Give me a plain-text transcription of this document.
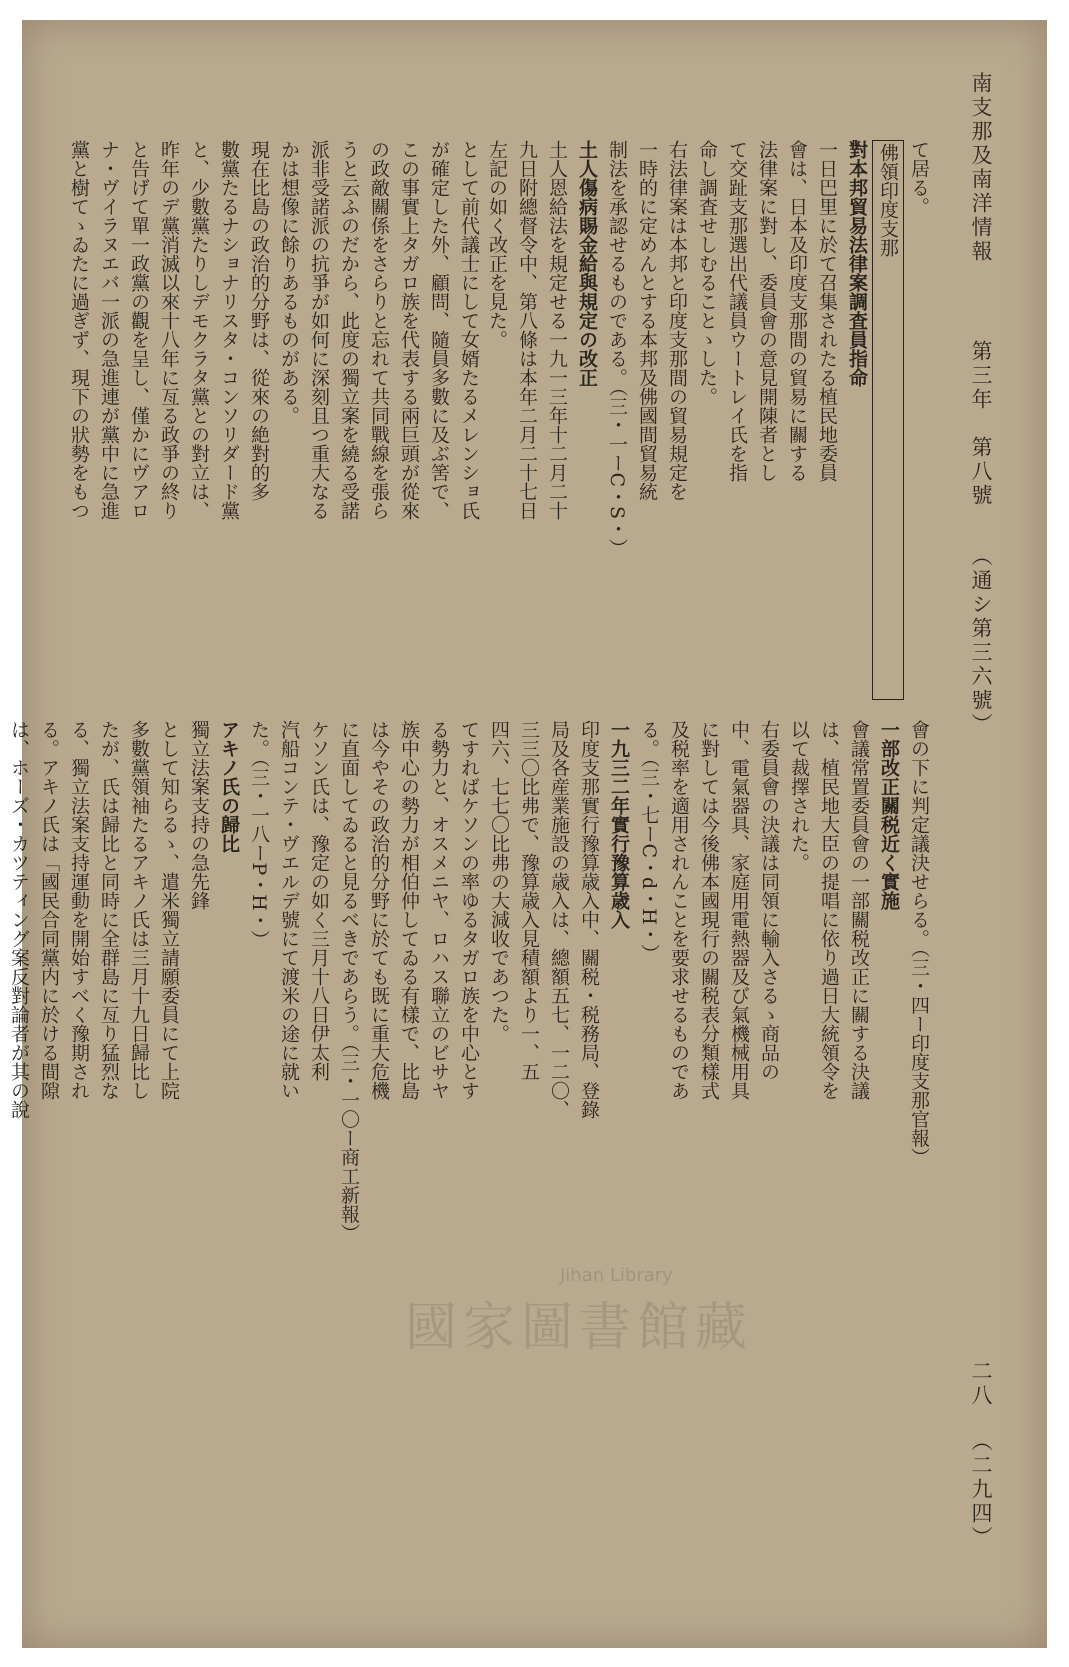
南支那及南洋情報
第三年　第八號
（通シ第三六號）
二八
（二九四）
て居る。
佛領印度支那
對本邦貿易法律案調査員指命
一日巴里に於て召集されたる植民地委員
會は、日本及印度支那間の貿易に關する
法律案に對し、委員會の意見開陳者とし
て交趾支那選出代議員ウートレイ氏を指
命し調査せしむることゝした。
右法律案は本邦と印度支那間の貿易規定を
一時的に定めんとする本邦及佛國間貿易統
制法を承認せるものである。（三・一ーC・S・）
土人傷病賜金給與規定の改正
土人恩給法を規定せる一九一三年十二月二十
九日附總督令中、第八條は本年二月二十七日
左記の如く改正を見た。
會の下に判定議決せらる。（三・四ー印度支那官報）
一部改正關税近く實施
會議常置委員會の一部關税改正に關する決議
は、植民地大臣の提唱に依り過日大統領令を
以て裁擇された。
右委員會の決議は同領に輸入さるゝ商品の
中、電氣器具、家庭用電熱器及び氣機械用具
に對しては今後佛本國現行の關税表分類樣式
及税率を適用されんことを要求せるものであ
る。（三・七ーC・d・H・）
一九三二年實行豫算歳入
印度支那實行豫算歳入中、關税・税務局、登錄
局及各産業施設の歳入は、總額五七、一二〇、
三三〇比弗で、豫算歳入見積額より一、五
四六、七七〇比弗の大減收であつた。
として前代議士にして女婿たるメレンショ氏
が確定した外、顧問、隨員多數に及ぶ筈で、
この事實上タガロ族を代表する兩巨頭が從來
の政敵關係をさらりと忘れて共同戰線を張ら
うと云ふのだから、此度の獨立案を繞る受諾
派非受諾派の抗爭が如何に深刻且つ重大なる
かは想像に餘りあるものがある。
現在比島の政治的分野は、從來の絶對的多
數黨たるナショナリスタ・コンソリダード黨
と、少數黨たりしデモクラタ黨との對立は、
昨年のデ黨消滅以來十八年に亙る政爭の終り
と告げて單一政黨の觀を呈し、僅かにヴアロ
ナ・ヴイラヌエバ一派の急進連が黨中に急進
黨と樹てゝゐたに過ぎず、現下の狀勢をもつ
てすればケソンの率ゆるタガロ族を中心とす
る勢力と、オスメニヤ、ロハス聯立のビサヤ
族中心の勢力が相伯仲してゐる有樣で、比島
は今やその政治的分野に於ても既に重大危機
に直面してゐると見るべきであらう。（三・一〇ー商工新報）
ケソン氏は、豫定の如く三月十八日伊太利
汽船コンテ・ヴエルデ號にて渡米の途に就い
た。（三・一八ーP・H・）
アキノ氏の歸比
獨立法案支持の急先鋒
として知らるゝ、遣米獨立請願委員にて上院
多數黨領袖たるアキノ氏は三月十九日歸比し
たが、氏は歸比と同時に全群島に亙り猛烈な
る、獨立法案支持運動を開始すべく豫期され
る。アキノ氏は「國民合同黨内に於ける間隙
は、ホーズ・カツティング案反對論者が其の說
國家圖書館藏
Jihan Library
